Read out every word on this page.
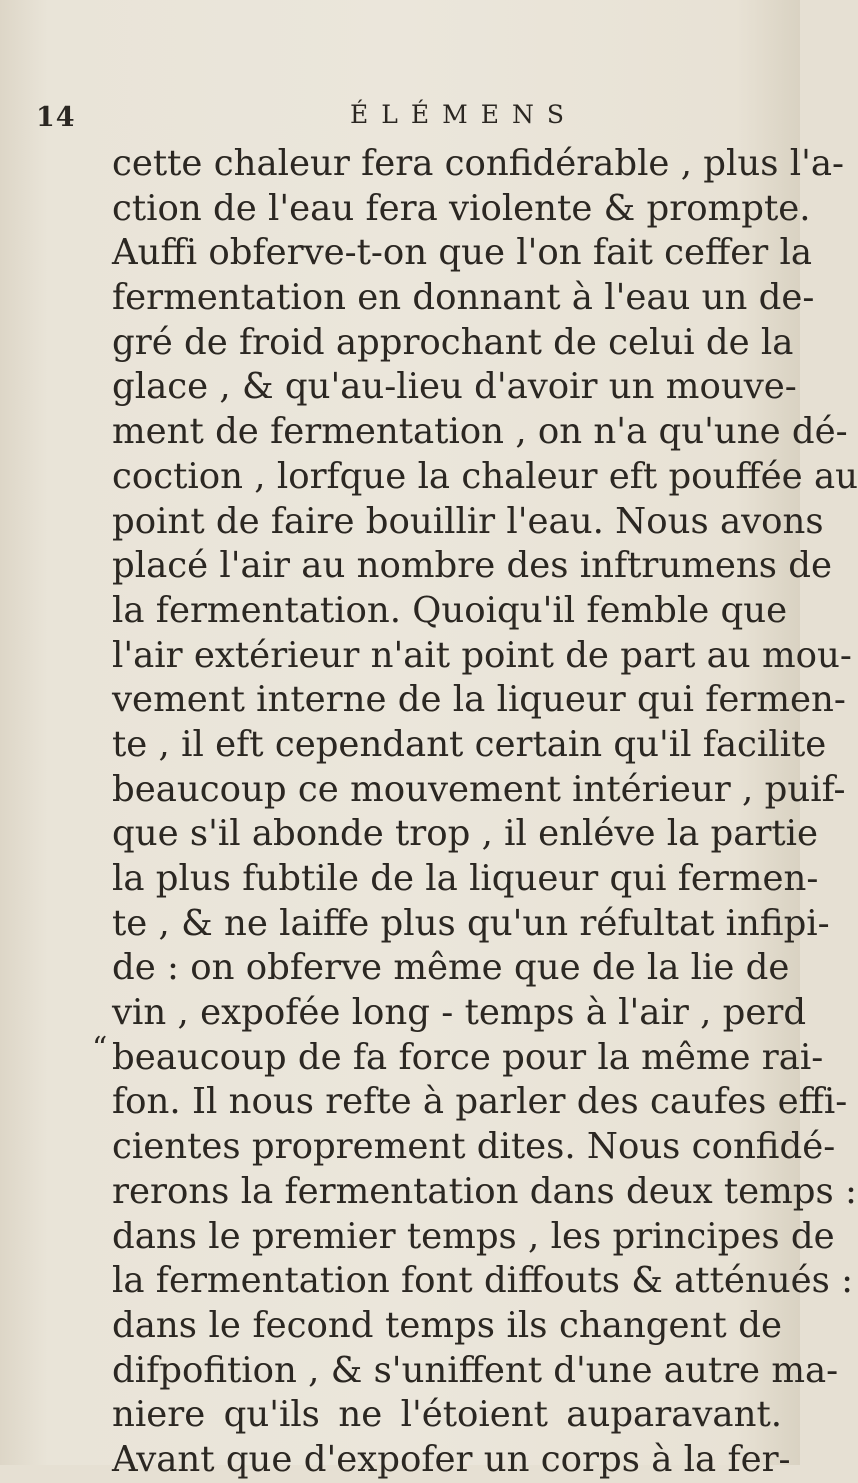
14	ÉLÉMENS
“
cette chaleur fera confidérable , plus l'a-
ction de l'eau fera violente & prompte.
Auffi obferve-t-on que l'on fait ceffer la
fermentation en donnant à l'eau un de-
gré de froid approchant de celui de la
glace , & qu'au-lieu d'avoir un mouve-
ment de fermentation , on n'a qu'une dé-
coction , lorfque la chaleur eft pouffée au
point de faire bouillir l'eau. Nous avons
placé l'air au nombre des inftrumens de
la fermentation. Quoiqu'il femble que
l'air extérieur n'ait point de part au mou-
vement interne de la liqueur qui fermen-
te , il eft cependant certain qu'il facilite
beaucoup ce mouvement intérieur , puif-
que s'il abonde trop , il enléve la partie
la plus fubtile de la liqueur qui fermen-
te , & ne laiffe plus qu'un réfultat infipi-
de : on obferve même que de la lie de
vin , expofée long - temps à l'air , perd
beaucoup de fa force pour la même rai-
fon. Il nous refte à parler des caufes effi-
cientes proprement dites. Nous confidé-
rerons la fermentation dans deux temps :
dans le premier temps , les principes de
la fermentation font diffouts & atténués :
dans le fecond temps ils changent de
difpofition , & s'uniffent d'une autre ma-
niere qu'ils ne l'étoient auparavant.
Avant que d'expofer un corps à la fer-
